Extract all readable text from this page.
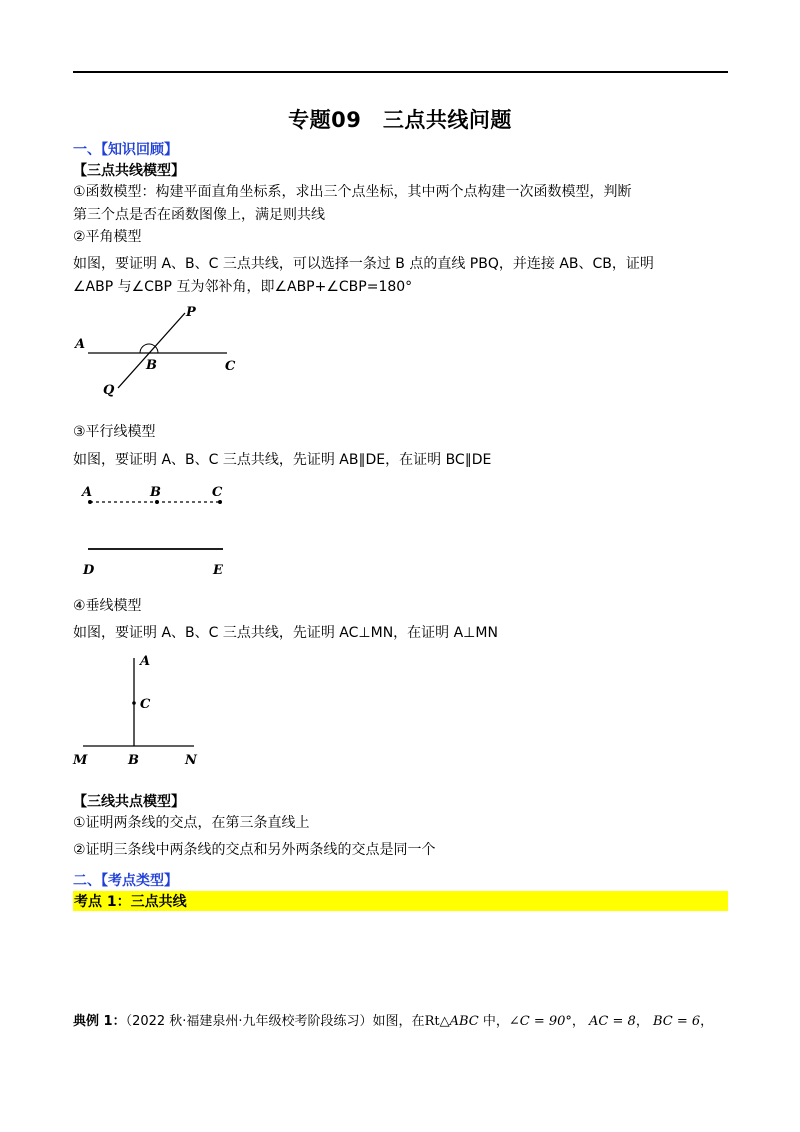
专题09　三点共线问题
一、【知识回顾】
【三点共线模型】
①函数模型：构建平面直角坐标系，求出三个点坐标，其中两个点构建一次函数模型，判断
第三个点是否在函数图像上，满足则共线
②平角模型
如图，要证明 A、B、C 三点共线，可以选择一条过 B 点的直线 PBQ，并连接 AB、CB，证明
∠ABP 与∠CBP 互为邻补角，即∠ABP+∠CBP=180°
A
B	C
P
Q
③平行线模型
如图，要证明 A、B、C 三点共线，先证明 AB∥DE，在证明 BC∥DE
A	B	C
D	E
④垂线模型
如图，要证明 A、B、C 三点共线，先证明 AC⊥MN，在证明 A⊥MN
A
C
M	B	N
【三线共点模型】
①证明两条线的交点，在第三条直线上
②证明三条线中两条线的交点和另外两条线的交点是同一个
二、【考点类型】
考点 1：三点共线
典例 1：（2022 秋·福建泉州·九年级校考阶段练习）如图，在Rt△ABC 中，∠C = 90°， AC = 8， BC = 6，
